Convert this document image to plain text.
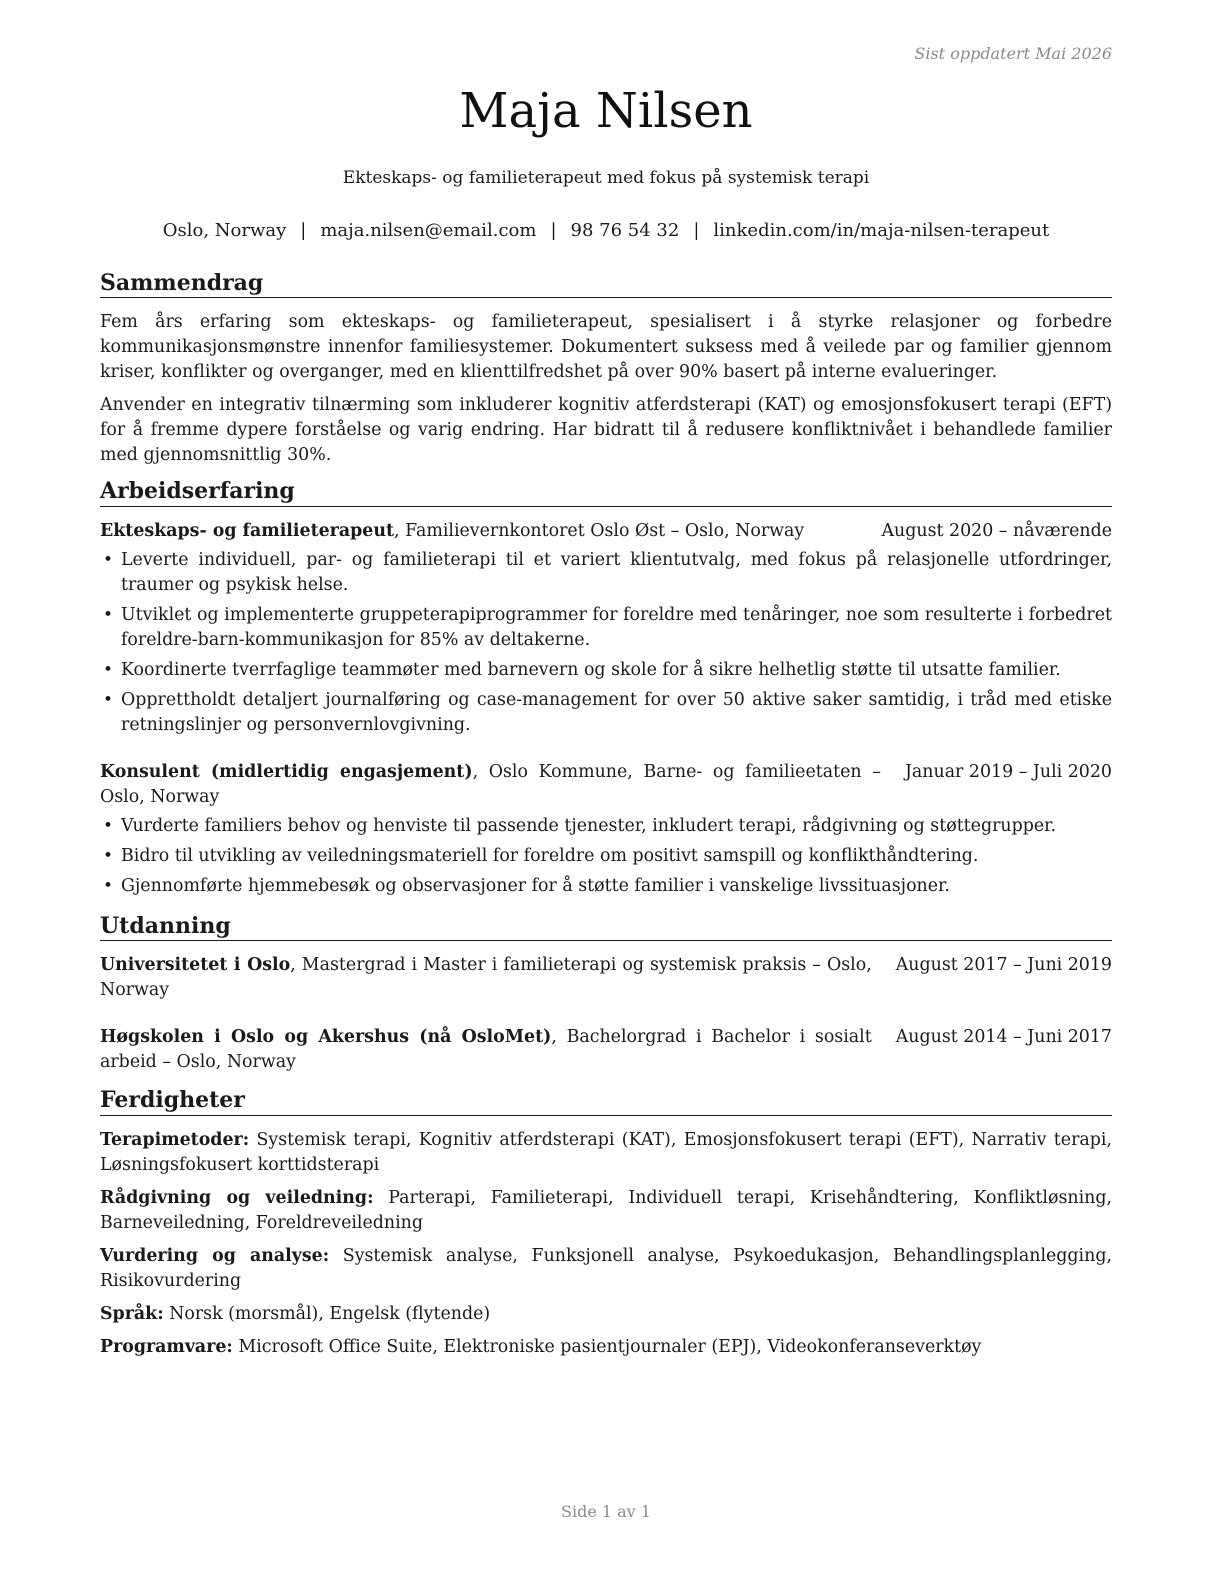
Sist oppdatert Mai 2026

Maja Nilsen

Ekteskaps- og familieterapeut med fokus på systemisk terapi

Oslo, Norway | maja.nilsen@email.com | 98 76 54 32 | linkedin.com/in/maja-nilsen-terapeut

Sammendrag

Fem års erfaring som ekteskaps- og familieterapeut, spesialisert i å styrke relasjoner og forbedre kommunikasjonsmønstre innenfor familiesystemer. Dokumentert suksess med å veilede par og familier gjennom kriser, konflikter og overganger, med en klienttilfredshet på over 90% basert på interne evalueringer.

Anvender en integrativ tilnærming som inkluderer kognitiv atferdsterapi (KAT) og emosjonsfokusert terapi (EFT) for å fremme dypere forståelse og varig endring. Har bidratt til å redusere konfliktnivået i behandlede familier med gjennomsnittlig 30%.

Arbeidserfaring
Ekteskaps- og familieterapeut, Familievernkontoret Oslo Øst – Oslo, Norway	August 2020 – nåværende
• Leverte individuell, par- og familieterapi til et variert klientutvalg, med fokus på relasjonelle utfordringer, traumer og psykisk helse.
• Utviklet og implementerte gruppeterapiprogrammer for foreldre med tenåringer, noe som resulterte i forbedret foreldre-barn-kommunikasjon for 85% av deltakerne.
• Koordinerte tverrfaglige teammøter med barnevern og skole for å sikre helhetlig støtte til utsatte familier.
• Opprettholdt detaljert journalføring og case-management for over 50 aktive saker samtidig, i tråd med etiske retningslinjer og personvernlovgivning.
Konsulent (midlertidig engasjement), Oslo Kommune, Barne- og familieetaten – Oslo, Norway
Januar 2019 – Juli 2020
• Vurderte familiers behov og henviste til passende tjenester, inkludert terapi, rådgivning og støttegrupper.
• Bidro til utvikling av veiledningsmateriell for foreldre om positivt samspill og konflikthåndtering.
• Gjennomførte hjemmebesøk og observasjoner for å støtte familier i vanskelige livssituasjoner.
Utdanning
Universitetet i Oslo, Mastergrad i Master i familieterapi og systemisk praksis – Oslo, Norway
August 2017 – Juni 2019
Høgskolen i Oslo og Akershus (nå OsloMet), Bachelorgrad i Bachelor i sosialt arbeid – Oslo, Norway
August 2014 – Juni 2017
Ferdigheter

Terapimetoder: Systemisk terapi, Kognitiv atferdsterapi (KAT), Emosjonsfokusert terapi (EFT), Narrativ terapi, Løsningsfokusert korttidsterapi

Rådgivning og veiledning: Parterapi, Familieterapi, Individuell terapi, Krisehåndtering, Konfliktløsning, Barneveiledning, Foreldreveiledning

Vurdering og analyse: Systemisk analyse, Funksjonell analyse, Psykoedukasjon, Behandlingsplanlegging, Risikovurdering

Språk: Norsk (morsmål), Engelsk (flytende)

Programvare: Microsoft Office Suite, Elektroniske pasientjournaler (EPJ), Videokonferanseverktøy

Side 1 av 1
